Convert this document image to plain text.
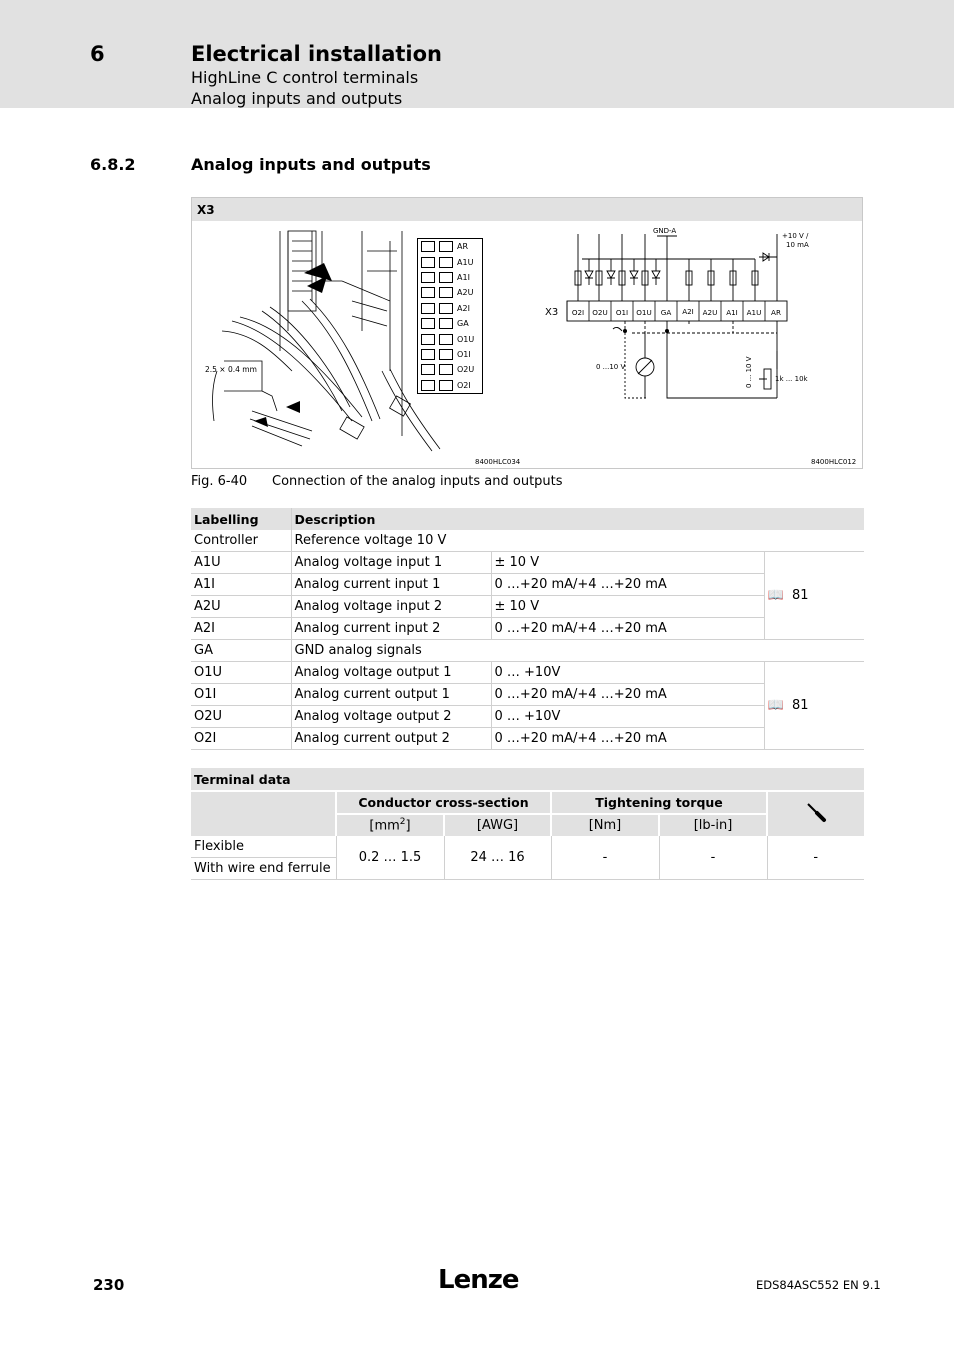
6	Electrical installation
HighLine C control terminals
Analog inputs and outputs
6.8.2	Analog inputs and outputs
X3
2.5 × 0.4 mm
AR
A1U
A1I
A2U
A2I
GA
O1U
O1I
O2U
O2I
8400HLC034
X3 O2I O2U O1I O1U GA A2I A2U A1I A1U AR
GND-A
+10 V /
10 mA
0 ...10 V	0 ... 10 V	1k ... 10k
8400HLC012
Fig. 6-40 Connection of the analog inputs and outputs
Labelling	Description		
Controller	Reference voltage 10 V		
A1U	Analog voltage input 1	± 10 V	📖 81
A1I	Analog current input 1	0 …+20 mA/+4 …+20 mA	
A2U	Analog voltage input 2	± 10 V	
A2I	Analog current input 2	0 …+20 mA/+4 …+20 mA	
GA	GND analog signals		
O1U	Analog voltage output 1	0 … +10V	📖 81
O1I	Analog current output 1	0 …+20 mA/+4 …+20 mA	
O2U	Analog voltage output 2	0 … +10V	
O2I	Analog current output 2	0 …+20 mA/+4 …+20 mA	
Terminal data					
	Conductor cross-section		Tightening torque	
	$[mm^2]$	[AWG]	[Nm]	[lb-in]	
Flexible	0.2 … 1.5	24 … 16	-	-	-
With wire end ferrule					
230	Lenze	EDS84ASC552 EN 9.1
